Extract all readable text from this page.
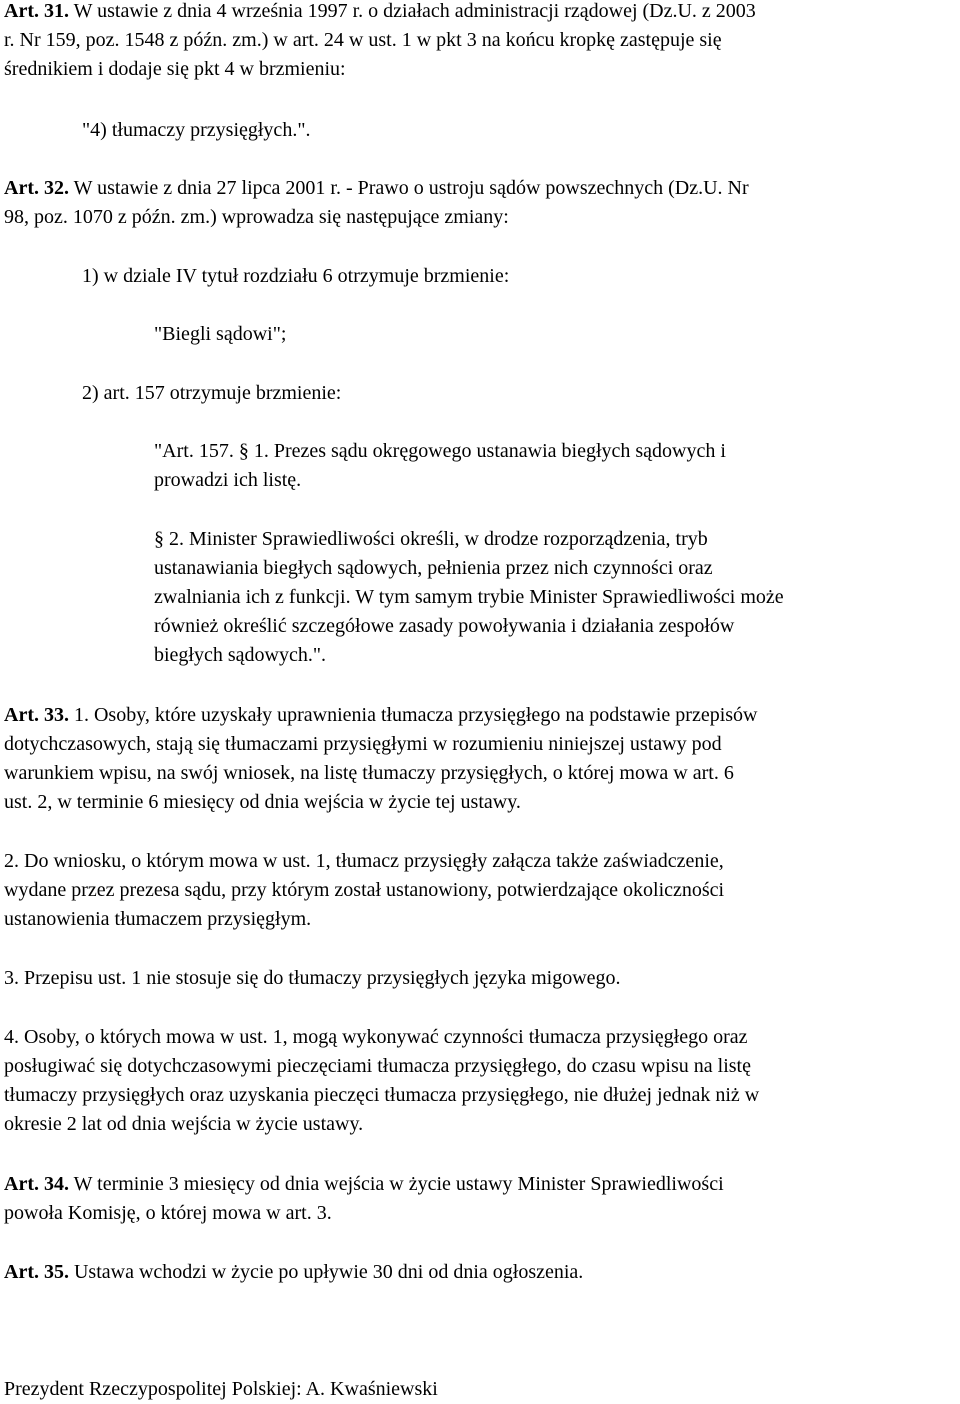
Art. 31. W ustawie z dnia 4 września 1997 r. o działach administracji rządowej (Dz.U. z 2003
r. Nr 159, poz. 1548 z późn. zm.) w art. 24 w ust. 1 w pkt 3 na końcu kropkę zastępuje się
średnikiem i dodaje się pkt 4 w brzmieniu:
"4) tłumaczy przysięgłych.".
Art. 32. W ustawie z dnia 27 lipca 2001 r. - Prawo o ustroju sądów powszechnych (Dz.U. Nr
98, poz. 1070 z późn. zm.) wprowadza się następujące zmiany:
1) w dziale IV tytuł rozdziału 6 otrzymuje brzmienie:
"Biegli sądowi";
2) art. 157 otrzymuje brzmienie:
"Art. 157. § 1. Prezes sądu okręgowego ustanawia biegłych sądowych i
prowadzi ich listę.
§ 2. Minister Sprawiedliwości określi, w drodze rozporządzenia, tryb
ustanawiania biegłych sądowych, pełnienia przez nich czynności oraz
zwalniania ich z funkcji. W tym samym trybie Minister Sprawiedliwości może
również określić szczegółowe zasady powoływania i działania zespołów
biegłych sądowych.".
Art. 33. 1. Osoby, które uzyskały uprawnienia tłumacza przysięgłego na podstawie przepisów
dotychczasowych, stają się tłumaczami przysięgłymi w rozumieniu niniejszej ustawy pod
warunkiem wpisu, na swój wniosek, na listę tłumaczy przysięgłych, o której mowa w art. 6
ust. 2, w terminie 6 miesięcy od dnia wejścia w życie tej ustawy.
2. Do wniosku, o którym mowa w ust. 1, tłumacz przysięgły załącza także zaświadczenie,
wydane przez prezesa sądu, przy którym został ustanowiony, potwierdzające okoliczności
ustanowienia tłumaczem przysięgłym.
3. Przepisu ust. 1 nie stosuje się do tłumaczy przysięgłych języka migowego.
4. Osoby, o których mowa w ust. 1, mogą wykonywać czynności tłumacza przysięgłego oraz
posługiwać się dotychczasowymi pieczęciami tłumacza przysięgłego, do czasu wpisu na listę
tłumaczy przysięgłych oraz uzyskania pieczęci tłumacza przysięgłego, nie dłużej jednak niż w
okresie 2 lat od dnia wejścia w życie ustawy.
Art. 34. W terminie 3 miesięcy od dnia wejścia w życie ustawy Minister Sprawiedliwości
powoła Komisję, o której mowa w art. 3.
Art. 35. Ustawa wchodzi w życie po upływie 30 dni od dnia ogłoszenia.
Prezydent Rzeczypospolitej Polskiej: A. Kwaśniewski
